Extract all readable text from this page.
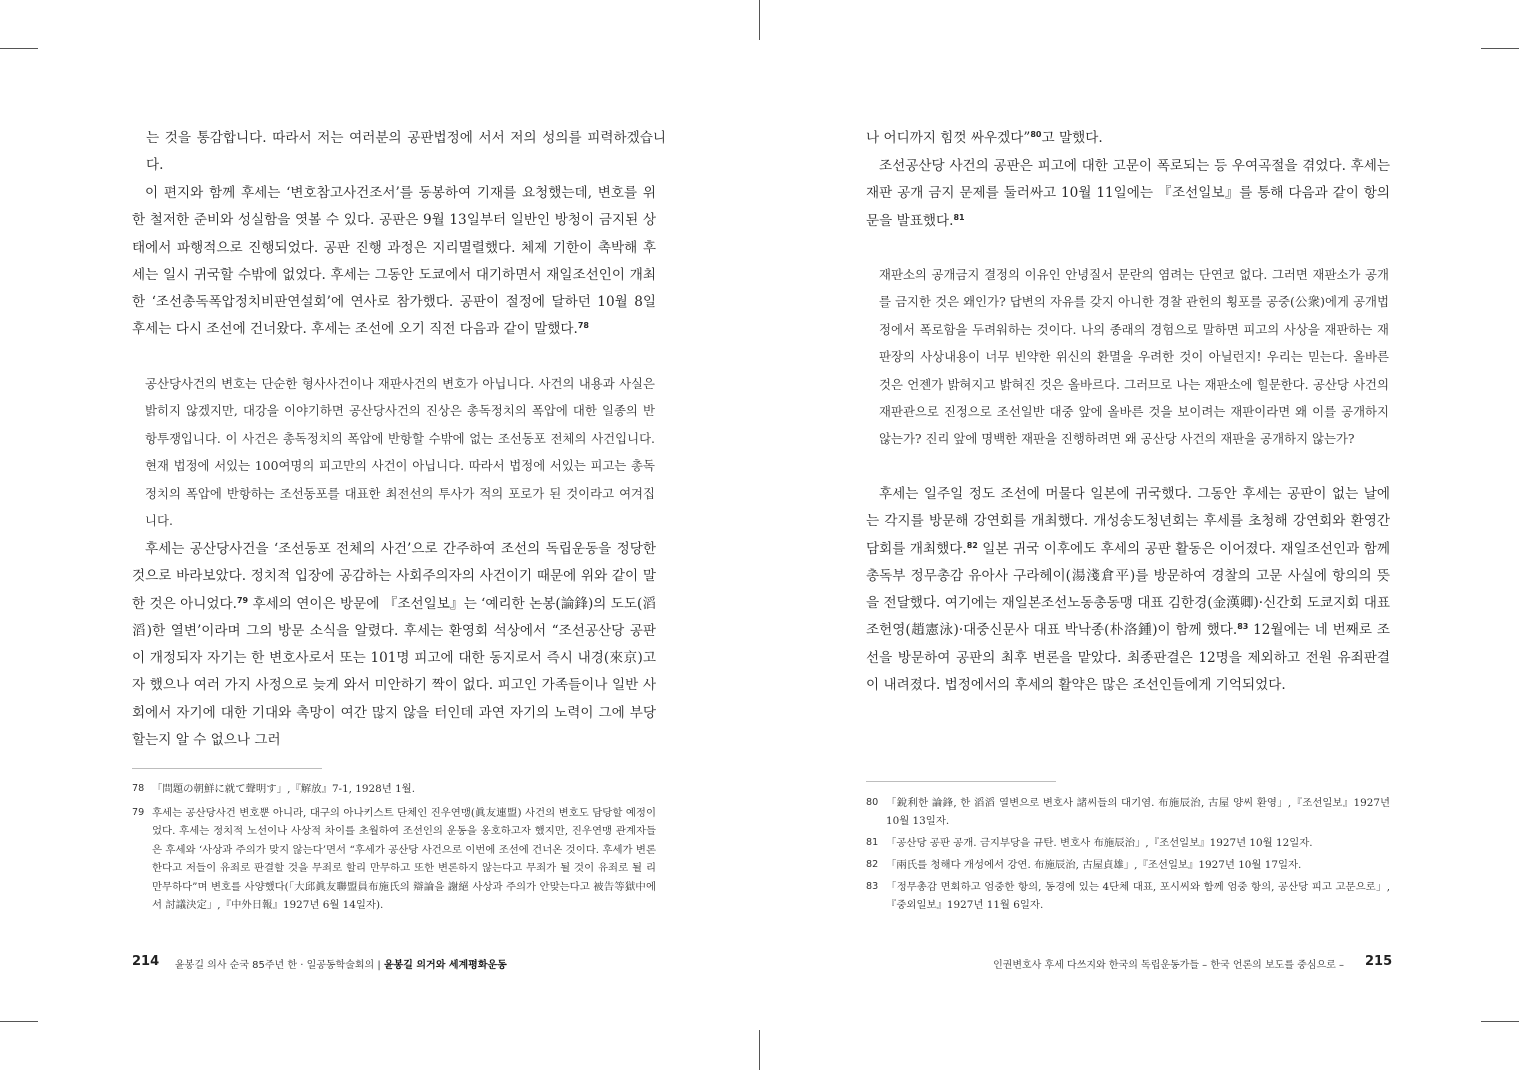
는 것을 통감합니다. 따라서 저는 여러분의 공판법정에 서서 저의 성의를 피력하겠습니다.

이 편지와 함께 후세는 ‘변호참고사건조서’를 동봉하여 기재를 요청했는데, 변호를 위한 철저한 준비와 성실함을 엿볼 수 있다. 공판은 9월 13일부터 일반인 방청이 금지된 상태에서 파행적으로 진행되었다. 공판 진행 과정은 지리멸렬했다. 체제 기한이 촉박해 후세는 일시 귀국할 수밖에 없었다. 후세는 그동안 도쿄에서 대기하면서 재일조선인이 개최한 ‘조선총독폭압정치비판연설회’에 연사로 참가했다. 공판이 절정에 달하던 10월 8일 후세는 다시 조선에 건너왔다. 후세는 조선에 오기 직전 다음과 같이 말했다.$^{78}$

공산당사건의 변호는 단순한 형사사건이나 재판사건의 변호가 아닙니다. 사건의 내용과 사실은 밝히지 않겠지만, 대강을 이야기하면 공산당사건의 진상은 총독정치의 폭압에 대한 일종의 반항투쟁입니다. 이 사건은 총독정치의 폭압에 반항할 수밖에 없는 조선동포 전체의 사건입니다. 현재 법정에 서있는 100여명의 피고만의 사건이 아닙니다. 따라서 법정에 서있는 피고는 총독정치의 폭압에 반항하는 조선동포를 대표한 최전선의 투사가 적의 포로가 된 것이라고 여겨집니다.

후세는 공산당사건을 ‘조선동포 전체의 사건’으로 간주하여 조선의 독립운동을 정당한 것으로 바라보았다. 정치적 입장에 공감하는 사회주의자의 사건이기 때문에 위와 같이 말한 것은 아니었다.$^{79}$ 후세의 연이은 방문에 『조선일보』는 ‘예리한 논봉(論鋒)의 도도(滔滔)한 열변’이라며 그의 방문 소식을 알렸다. 후세는 환영회 석상에서 “조선공산당 공판이 개정되자 자기는 한 변호사로서 또는 101명 피고에 대한 동지로서 즉시 내경(來京)고자 했으나 여러 가지 사정으로 늦게 와서 미안하기 짝이 없다. 피고인 가족들이나 일반 사회에서 자기에 대한 기대와 촉망이 여간 많지 않을 터인데 과연 자기의 노력이 그에 부당할는지 알 수 없으나 그러

78 「問題の朝鮮に就て聲明す」,『解放』7-1, 1928년 1월.
79 후세는 공산당사건 변호뿐 아니라, 대구의 아나키스트 단체인 진우연맹(眞友連盟) 사건의 변호도 담당할 예정이었다. 후세는 정치적 노선이나 사상적 차이를 초월하여 조선인의 운동을 옹호하고자 했지만, 진우연맹 관계자들은 후세와 ‘사상과 주의가 맞지 않는다’면서 “후세가 공산당 사건으로 이번에 조선에 건너온 것이다. 후세가 변론한다고 저들이 유죄로 판결할 것을 무죄로 할리 만무하고 또한 변론하지 않는다고 무죄가 될 것이 유죄로 될 리 만무하다”며 변호를 사양했다(「大邱眞友聯盟員布施氏의 辯論을 謝絕 사상과 주의가 안맞는다고 被告等獄中에서 討議決定」,『中外日報』1927년 6월 14일자).
214 윤봉길 의사 순국 85주년 한 · 일공동학술회의 | 윤봉길 의거와 세계평화운동

나 어디까지 힘껏 싸우겠다”$^{80}$고 말했다.

조선공산당 사건의 공판은 피고에 대한 고문이 폭로되는 등 우여곡절을 겪었다. 후세는 재판 공개 금지 문제를 둘러싸고 10월 11일에는 『조선일보』를 통해 다음과 같이 항의문을 발표했다.$^{81}$

재판소의 공개금지 결정의 이유인 안녕질서 문란의 염려는 단연코 없다. 그러면 재판소가 공개를 금지한 것은 왜인가? 답변의 자유를 갖지 아니한 경찰 관헌의 횡포를 공중(公衆)에게 공개법정에서 폭로함을 두려워하는 것이다. 나의 종래의 경험으로 말하면 피고의 사상을 재판하는 재판장의 사상내용이 너무 빈약한 위신의 환멸을 우려한 것이 아닐런지! 우리는 믿는다. 올바른 것은 언젠가 밝혀지고 밝혀진 것은 올바르다. 그러므로 나는 재판소에 힐문한다. 공산당 사건의 재판관으로 진정으로 조선일반 대중 앞에 올바른 것을 보이려는 재판이라면 왜 이를 공개하지 않는가? 진리 앞에 명백한 재판을 진행하려면 왜 공산당 사건의 재판을 공개하지 않는가?

후세는 일주일 정도 조선에 머물다 일본에 귀국했다. 그동안 후세는 공판이 없는 날에는 각지를 방문해 강연회를 개최했다. 개성송도청년회는 후세를 초청해 강연회와 환영간담회를 개최했다.$^{82}$ 일본 귀국 이후에도 후세의 공판 활동은 이어졌다. 재일조선인과 함께 총독부 정무총감 유아사 구라헤이(湯淺倉平)를 방문하여 경찰의 고문 사실에 항의의 뜻을 전달했다. 여기에는 재일본조선노동총동맹 대표 김한경(金漢卿)·신간회 도쿄지회 대표 조헌영(趙憲泳)·대중신문사 대표 박낙종(朴洛鍾)이 함께 했다.$^{83}$ 12월에는 네 번째로 조선을 방문하여 공판의 최후 변론을 맡았다. 최종판결은 12명을 제외하고 전원 유죄판결이 내려졌다. 법정에서의 후세의 활약은 많은 조선인들에게 기억되었다.

80 「銳利한 論鋒, 한 滔滔 열변으로 변호사 諸씨들의 대기염. 布施辰治, 古屋 양씨 환영」,『조선일보』1927년 10월 13일자.
81 「공산당 공판 공개. 금지부당을 규탄. 변호사 布施辰治」,『조선일보』1927년 10월 12일자.
82 「兩氏를 청해다 개성에서 강연. 布施辰治, 古屋貞雄」,『조선일보』1927년 10월 17일자.
83 「정무총감 면회하고 엄중한 항의, 동경에 있는 4단체 대표, 포시씨와 함께 엄중 항의, 공산당 피고 고문으로」,『중외일보』1927년 11월 6일자.
인권변호사 후세 다쓰지와 한국의 독립운동가들 – 한국 언론의 보도를 중심으로 – 215
